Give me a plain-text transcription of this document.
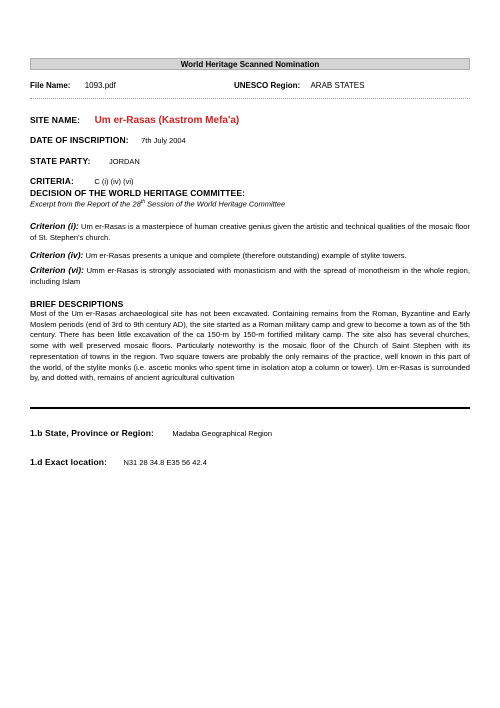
World Heritage Scanned Nomination
File Name: 1093.pdf	UNESCO Region: ARAB STATES
SITE NAME: Um er-Rasas (Kastrom Mefa'a)
DATE OF INSCRIPTION: 7th July 2004
STATE PARTY: JORDAN
CRITERIA:	C (i) (iv) (vi)
DECISION OF THE WORLD HERITAGE COMMITTEE:
Excerpt from the Report of the 28th Session of the World Heritage Committee
Criterion (i): Um er-Rasas is a masterpiece of human creative genius given the artistic and technical qualities of the mosaic floor of St. Stephen's church.
Criterion (iv): Um er-Rasas presents a unique and complete (therefore outstanding) example of stylite towers.
Criterion (vi): Umm er-Rasas is strongly associated with monasticism and with the spread of monotheism in the whole region, including Islam
BRIEF DESCRIPTIONS
Most of the Um er-Rasas archaeological site has not been excavated. Containing remains from the Roman, Byzantine and Early Moslem periods (end of 3rd to 9th century AD), the site started as a Roman military camp and grew to become a town as of the 5th century. There has been little excavation of the ca 150-m by 150-m fortified military camp. The site also has several churches, some with well preserved mosaic floors. Particularly noteworthy is the mosaic floor of the Church of Saint Stephen with its representation of towns in the region. Two square towers are probably the only remains of the practice, well known in this part of the world, of the stylite monks (i.e. ascetic monks who spent time in isolation atop a column or tower). Um er-Rasas is surrounded by, and dotted with, remains of ancient agricultural cultivation
1.b State, Province or Region: Madaba Geographical Region
1.d Exact location: N31 28 34.8 E35 56 42.4
